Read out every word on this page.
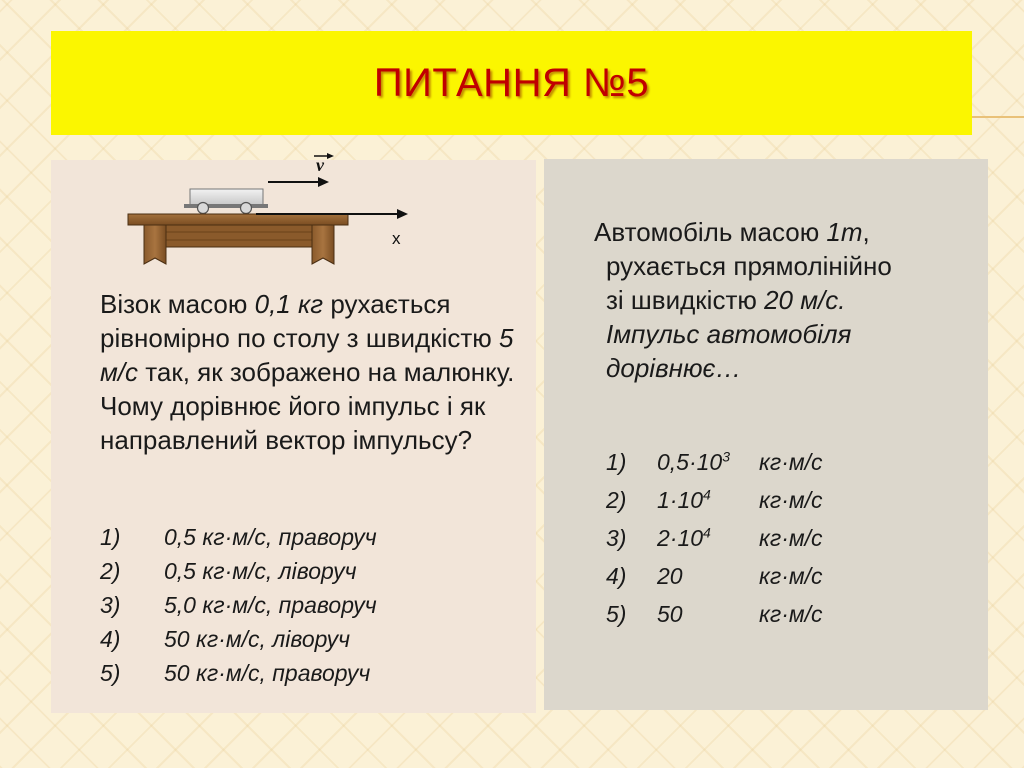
ПИТАННЯ №5
v
x

Візок масою 0,1 кг рухається рівномірно по столу з швидкістю 5 м/с так, як зображено на малюнку. Чому дорівнює його імпульс і як направлений вектор імпульсу?

1) 0,5 кг·м/с, праворуч
2) 0,5 кг·м/с, ліворуч
3) 5,0 кг·м/с, праворуч
4) 50 кг·м/с, ліворуч
5) 50 кг·м/с, праворуч

Автомобіль масою 1т,
рухається прямолінійно
зі швидкістю 20 м/с.
Імпульс автомобіля
дорівнює…

1) $0,5\cdot 10^3$ кг·м/с
2) $1\cdot 10^4$ кг·м/с
3) $2\cdot 10^4$ кг·м/с
4) 20	кг·м/с
5) 50	кг·м/с
